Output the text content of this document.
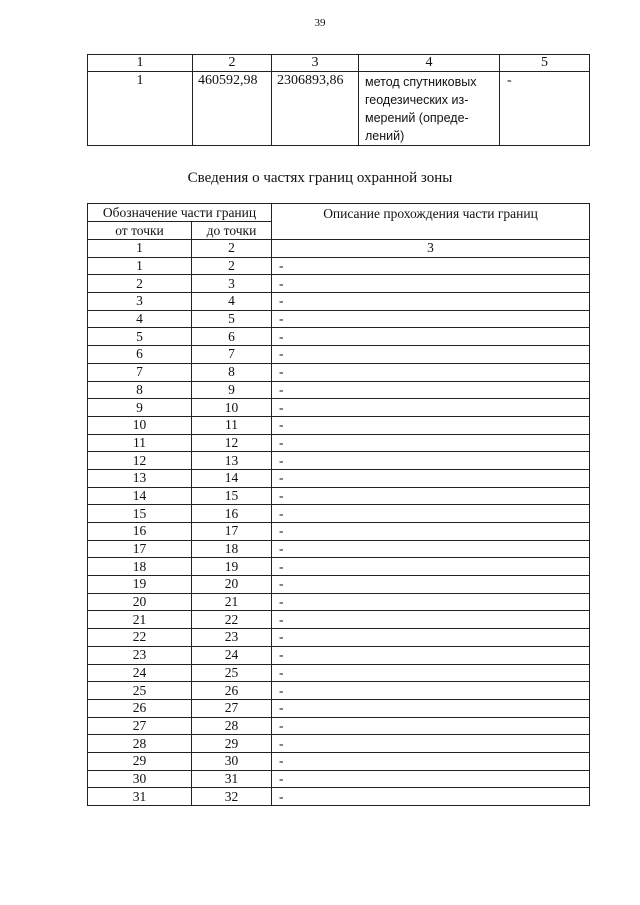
39
1	2	3	4	5
1	460592,98	2306893,86	метод спутниковых
геодезических из-
мерений (опреде-
лений)	-
Сведения о частях границ охранной зоны
Обозначение части границ		Описание прохождения части границ
от точки	до точки	
1	2	3
1	2	-
2	3	-
3	4	-
4	5	-
5	6	-
6	7	-
7	8	-
8	9	-
9	10	-
10	11	-
11	12	-
12	13	-
13	14	-
14	15	-
15	16	-
16	17	-
17	18	-
18	19	-
19	20	-
20	21	-
21	22	-
22	23	-
23	24	-
24	25	-
25	26	-
26	27	-
27	28	-
28	29	-
29	30	-
30	31	-
31	32	-
